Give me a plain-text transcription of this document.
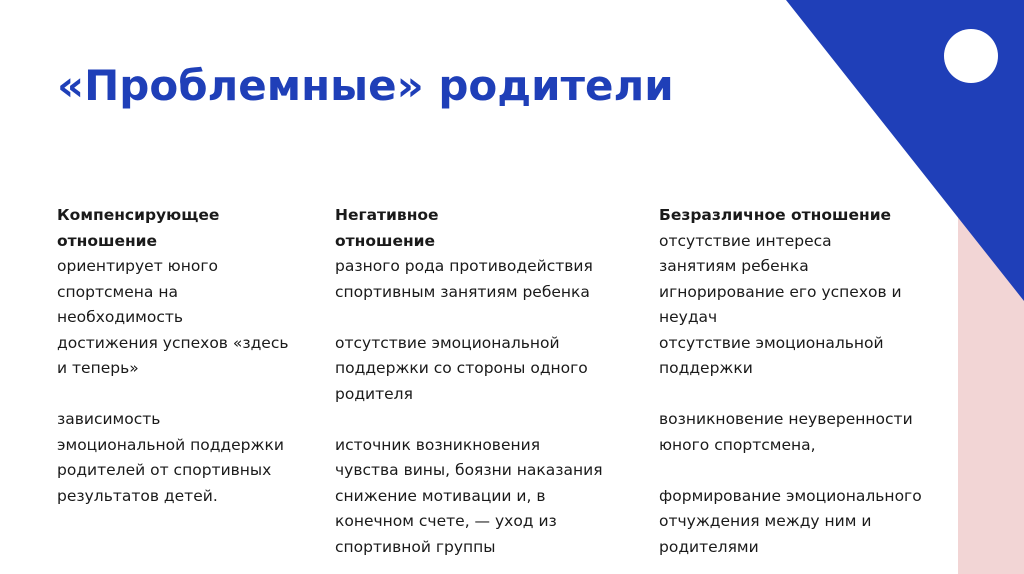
«Проблемные» родители
Компенсирующее
отношение
ориентирует юного
спортсмена на
необходимость
достижения успехов «здесь
и теперь»
зависимость
эмоциональной поддержки
родителей от спортивных
результатов детей.
Негативное
отношение
разного рода противодействия
спортивным занятиям ребенка
отсутствие эмоциональной
поддержки со стороны одного
родителя
источник возникновения
чувства вины, боязни наказания
снижение мотивации и, в
конечном счете, — уход из
спортивной группы
Безразличное отношение
отсутствие интереса
занятиям ребенка
игнорирование его успехов и неудач
отсутствие эмоциональной
поддержки
возникновение неуверенности
юного спортсмена,
формирование эмоционального
отчуждения между ним и
родителями
